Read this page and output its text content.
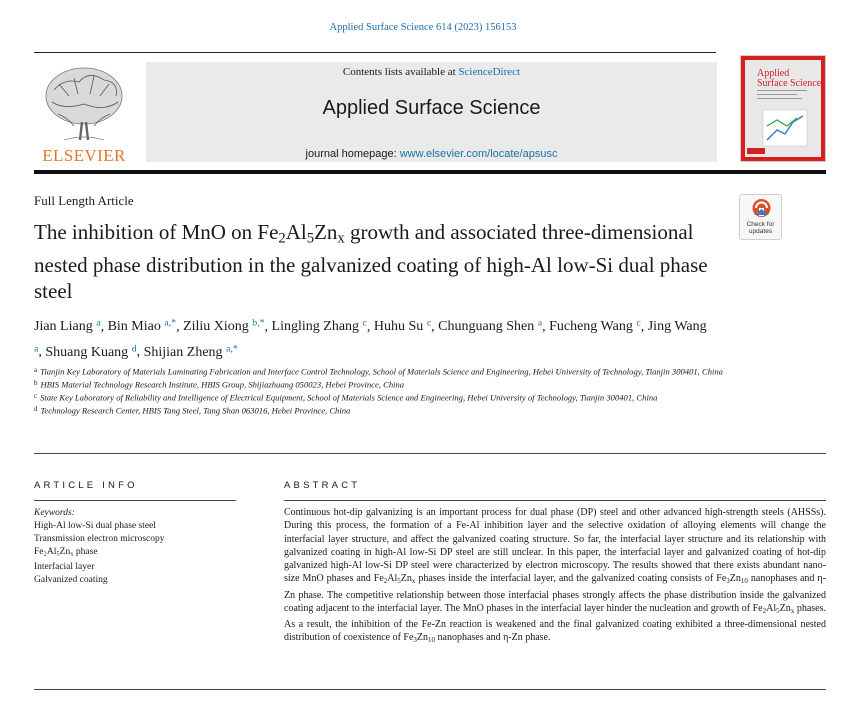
Applied Surface Science 614 (2023) 156153
ELSEVIER
Contents lists available at ScienceDirect
Applied Surface Science
journal homepage: www.elsevier.com/locate/apsusc
Applied
Surface Science
Full Length Article
Check for
updates
The inhibition of MnO on $Fe_2Al_5Zn_x$ growth and associated three-dimensional nested phase distribution in the galvanized coating of high-Al low-Si dual phase steel
Jian Liang $^a$, Bin Miao $^{a,*}$, Ziliu Xiong $^{b,*}$, Lingling Zhang $^c$, Huhu Su $^c$, Chunguang Shen $^a$, Fucheng Wang $^c$, Jing Wang $^a$, Shuang Kuang $^d$, Shijian Zheng $^{a,*}$
$^a$ Tianjin Key Laboratory of Materials Laminating Fabrication and Interface Control Technology, School of Materials Science and Engineering, Hebei University of Technology, Tianjin 300401, China
$^b$ HBIS Material Technology Research Institute, HBIS Group, Shijiazhuang 050023, Hebei Province, China
$^c$ State Key Laboratory of Reliability and Intelligence of Electrical Equipment, School of Materials Science and Engineering, Hebei University of Technology, Tianjin 300401, China
$^d$ Technology Research Center, HBIS Tang Steel, Tang Shan 063016, Hebei Province, China
ARTICLE INFO
Keywords:
High-Al low-Si dual phase steel
Transmission electron microscopy
$Fe_2Al_5Zn_x$ phase
Interfacial layer
Galvanized coating
ABSTRACT
Continuous hot-dip galvanizing is an important process for dual phase (DP) steel and other advanced high-strength steels (AHSSs). During this process, the formation of a Fe-Al inhibition layer and the selective oxidation of alloying elements will change the interfacial layer structure, and affect the galvanized coating structure. So far, the interfacial layer structure and its relationship with galvanized coating in high-Al low-Si DP steel are still unclear. In this paper, the interfacial layer and galvanized coating of hot-dip galvanized high-Al low-Si DP steel were characterized by electron microscopy. The results showed that there exists abundant nano-size MnO phases and $Fe_2Al_5Zn_x$ phases inside the interfacial layer, and the galvanized coating consists of $Fe_3Zn_{10}$ nanophases and η-Zn phase. The competitive relationship between those interfacial phases strongly affects the phase distribution inside the galvanized coating adjacent to the interfacial layer. The MnO phases in the interfacial layer hinder the nucleation and growth of $Fe_2Al_5Zn_x$ phases. As a result, the inhibition of the Fe-Zn reaction is weakened and the final galvanized coating exhibited a three-dimensional nested distribution of coexistence of $Fe_3Zn_{10}$ nanophases and η-Zn phase.
